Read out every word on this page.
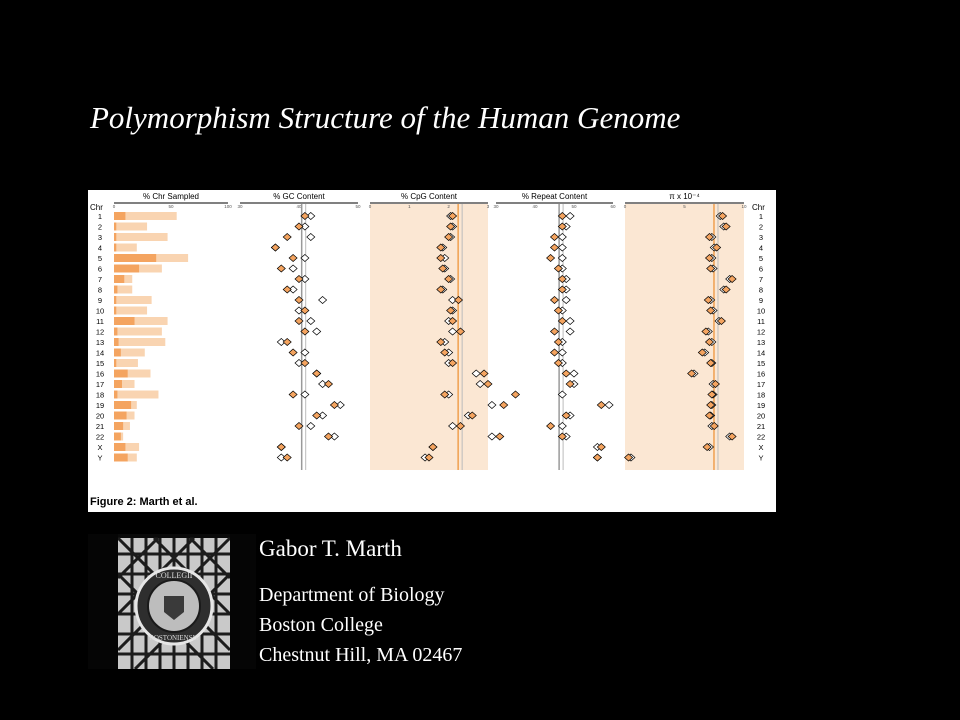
Polymorphism Structure of the Human Genome
Chr	Chr
1	1
2	2
3	3
4	4
5	5
6	6
7	7
8	8
9	9
10	10
11	11
12	12
13	13
14	14
15	15
16	16
17	17
18	18
19	19
20	20
21	21
22	22
X	X
Y	Y
% Chr Sampled
0	50	100
% GC Content
30	40	50
% CpG Content
0	1	2	3
% Repeat Content
30	40	50	60
π x 10⁻⁴
0	5	10
Figure 2: Marth et al.
COLLEGII
BOSTONIENSIS
Gabor T. Marth
Department of Biology
Boston College
Chestnut Hill, MA 02467
